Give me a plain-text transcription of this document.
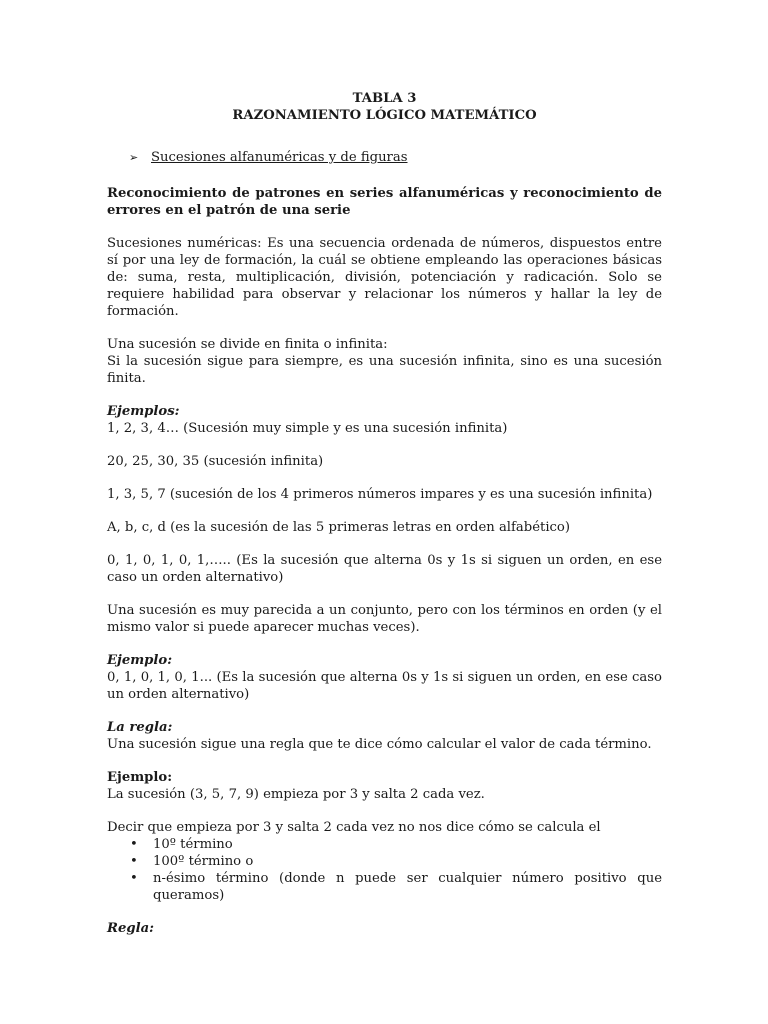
TABLA 3

RAZONAMIENTO LÓGICO MATEMÁTICO

➢ Sucesiones alfanuméricas y de figuras

Reconocimiento de patrones en series alfanuméricas y reconocimiento de errores en el patrón de una serie

Sucesiones numéricas: Es una secuencia ordenada de números, dispuestos entre sí por una ley de formación, la cuál se obtiene empleando las operaciones básicas de: suma, resta, multiplicación, división, potenciación y radicación. Solo se requiere habilidad para observar y relacionar los números y hallar la ley de formación.

Una sucesión se divide en finita o infinita:

Si la sucesión sigue para siempre, es una sucesión infinita, sino es una sucesión finita.

Ejemplos:

1, 2, 3, 4… (Sucesión muy simple y es una sucesión infinita)

20, 25, 30, 35 (sucesión infinita)

1, 3, 5, 7 (sucesión de los 4 primeros números impares y es una sucesión infinita)

A, b, c, d (es la sucesión de las 5 primeras letras en orden alfabético)

0, 1, 0, 1, 0, 1,….. (Es la sucesión que alterna 0s y 1s si siguen un orden, en ese caso un orden alternativo)

Una sucesión es muy parecida a un conjunto, pero con los términos en orden (y el mismo valor si puede aparecer muchas veces).

Ejemplo:

0, 1, 0, 1, 0, 1... (Es la sucesión que alterna 0s y 1s si siguen un orden, en ese caso un orden alternativo)

La regla:

Una sucesión sigue una regla que te dice cómo calcular el valor de cada término.

Ejemplo:

La sucesión (3, 5, 7, 9) empieza por 3 y salta 2 cada vez.

Decir que empieza por 3 y salta 2 cada vez no nos dice cómo se calcula el

• 10º término
• 100º término o
• n-ésimo término (donde n puede ser cualquier número positivo que queramos)

Regla:
